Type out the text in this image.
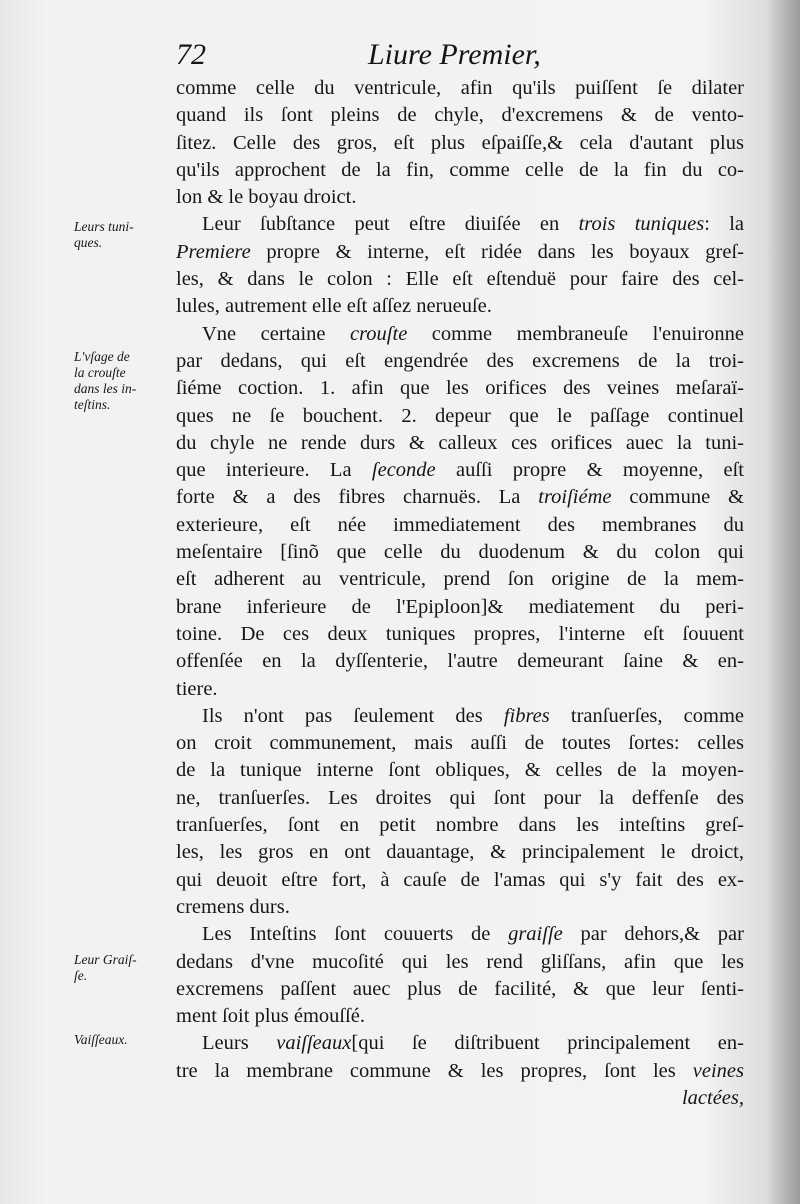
72	Liure Premier,
Leurs tuni-
ques.
L'vſage de
la crouſte
dans les in-
teſtins.
Leur Graiſ-
ſe.
Vaiſſeaux.
comme celle du ventricule, afin qu'ils puiſſent ſe dilater
quand ils ſont pleins de chyle, d'excremens & de vento-
ſitez. Celle des gros, eſt plus eſpaiſſe,& cela d'autant plus
qu'ils approchent de la fin, comme celle de la fin du co-
lon & le boyau droict.
Leur ſubſtance peut eſtre diuiſée en trois tuniques: la
Premiere propre & interne, eſt ridée dans les boyaux greſ-
les, & dans le colon : Elle eſt eſtenduë pour faire des cel-
lules, autrement elle eſt aſſez nerueuſe.
Vne certaine crouſte comme membraneuſe l'enuironne
par dedans, qui eſt engendrée des excremens de la troi-
ſiéme coction. 1. afin que les orifices des veines meſaraï-
ques ne ſe bouchent. 2. depeur que le paſſage continuel
du chyle ne rende durs & calleux ces orifices auec la tuni-
que interieure. La ſeconde auſſi propre & moyenne, eſt
forte & a des fibres charnuës. La troiſiéme commune &
exterieure, eſt née immediatement des membranes du
meſentaire [ſinõ que celle du duodenum & du colon qui
eſt adherent au ventricule, prend ſon origine de la mem-
brane inferieure de l'Epiploon]& mediatement du peri-
toine. De ces deux tuniques propres, l'interne eſt ſouuent
offenſée en la dyſſenterie, l'autre demeurant ſaine & en-
tiere.
Ils n'ont pas ſeulement des fibres tranſuerſes, comme
on croit communement, mais auſſi de toutes ſortes: celles
de la tunique interne ſont obliques, & celles de la moyen-
ne, tranſuerſes. Les droites qui ſont pour la deffenſe des
tranſuerſes, ſont en petit nombre dans les inteſtins greſ-
les, les gros en ont dauantage, & principalement le droict,
qui deuoit eſtre fort, à cauſe de l'amas qui s'y fait des ex-
cremens durs.
Les Inteſtins ſont couuerts de graiſſe par dehors,& par
dedans d'vne mucoſité qui les rend gliſſans, afin que les
excremens paſſent auec plus de facilité, & que leur ſenti-
ment ſoit plus émouſſé.
Leurs vaiſſeaux[qui ſe diſtribuent principalement en-
tre la membrane commune & les propres, ſont les veines
lactées,
